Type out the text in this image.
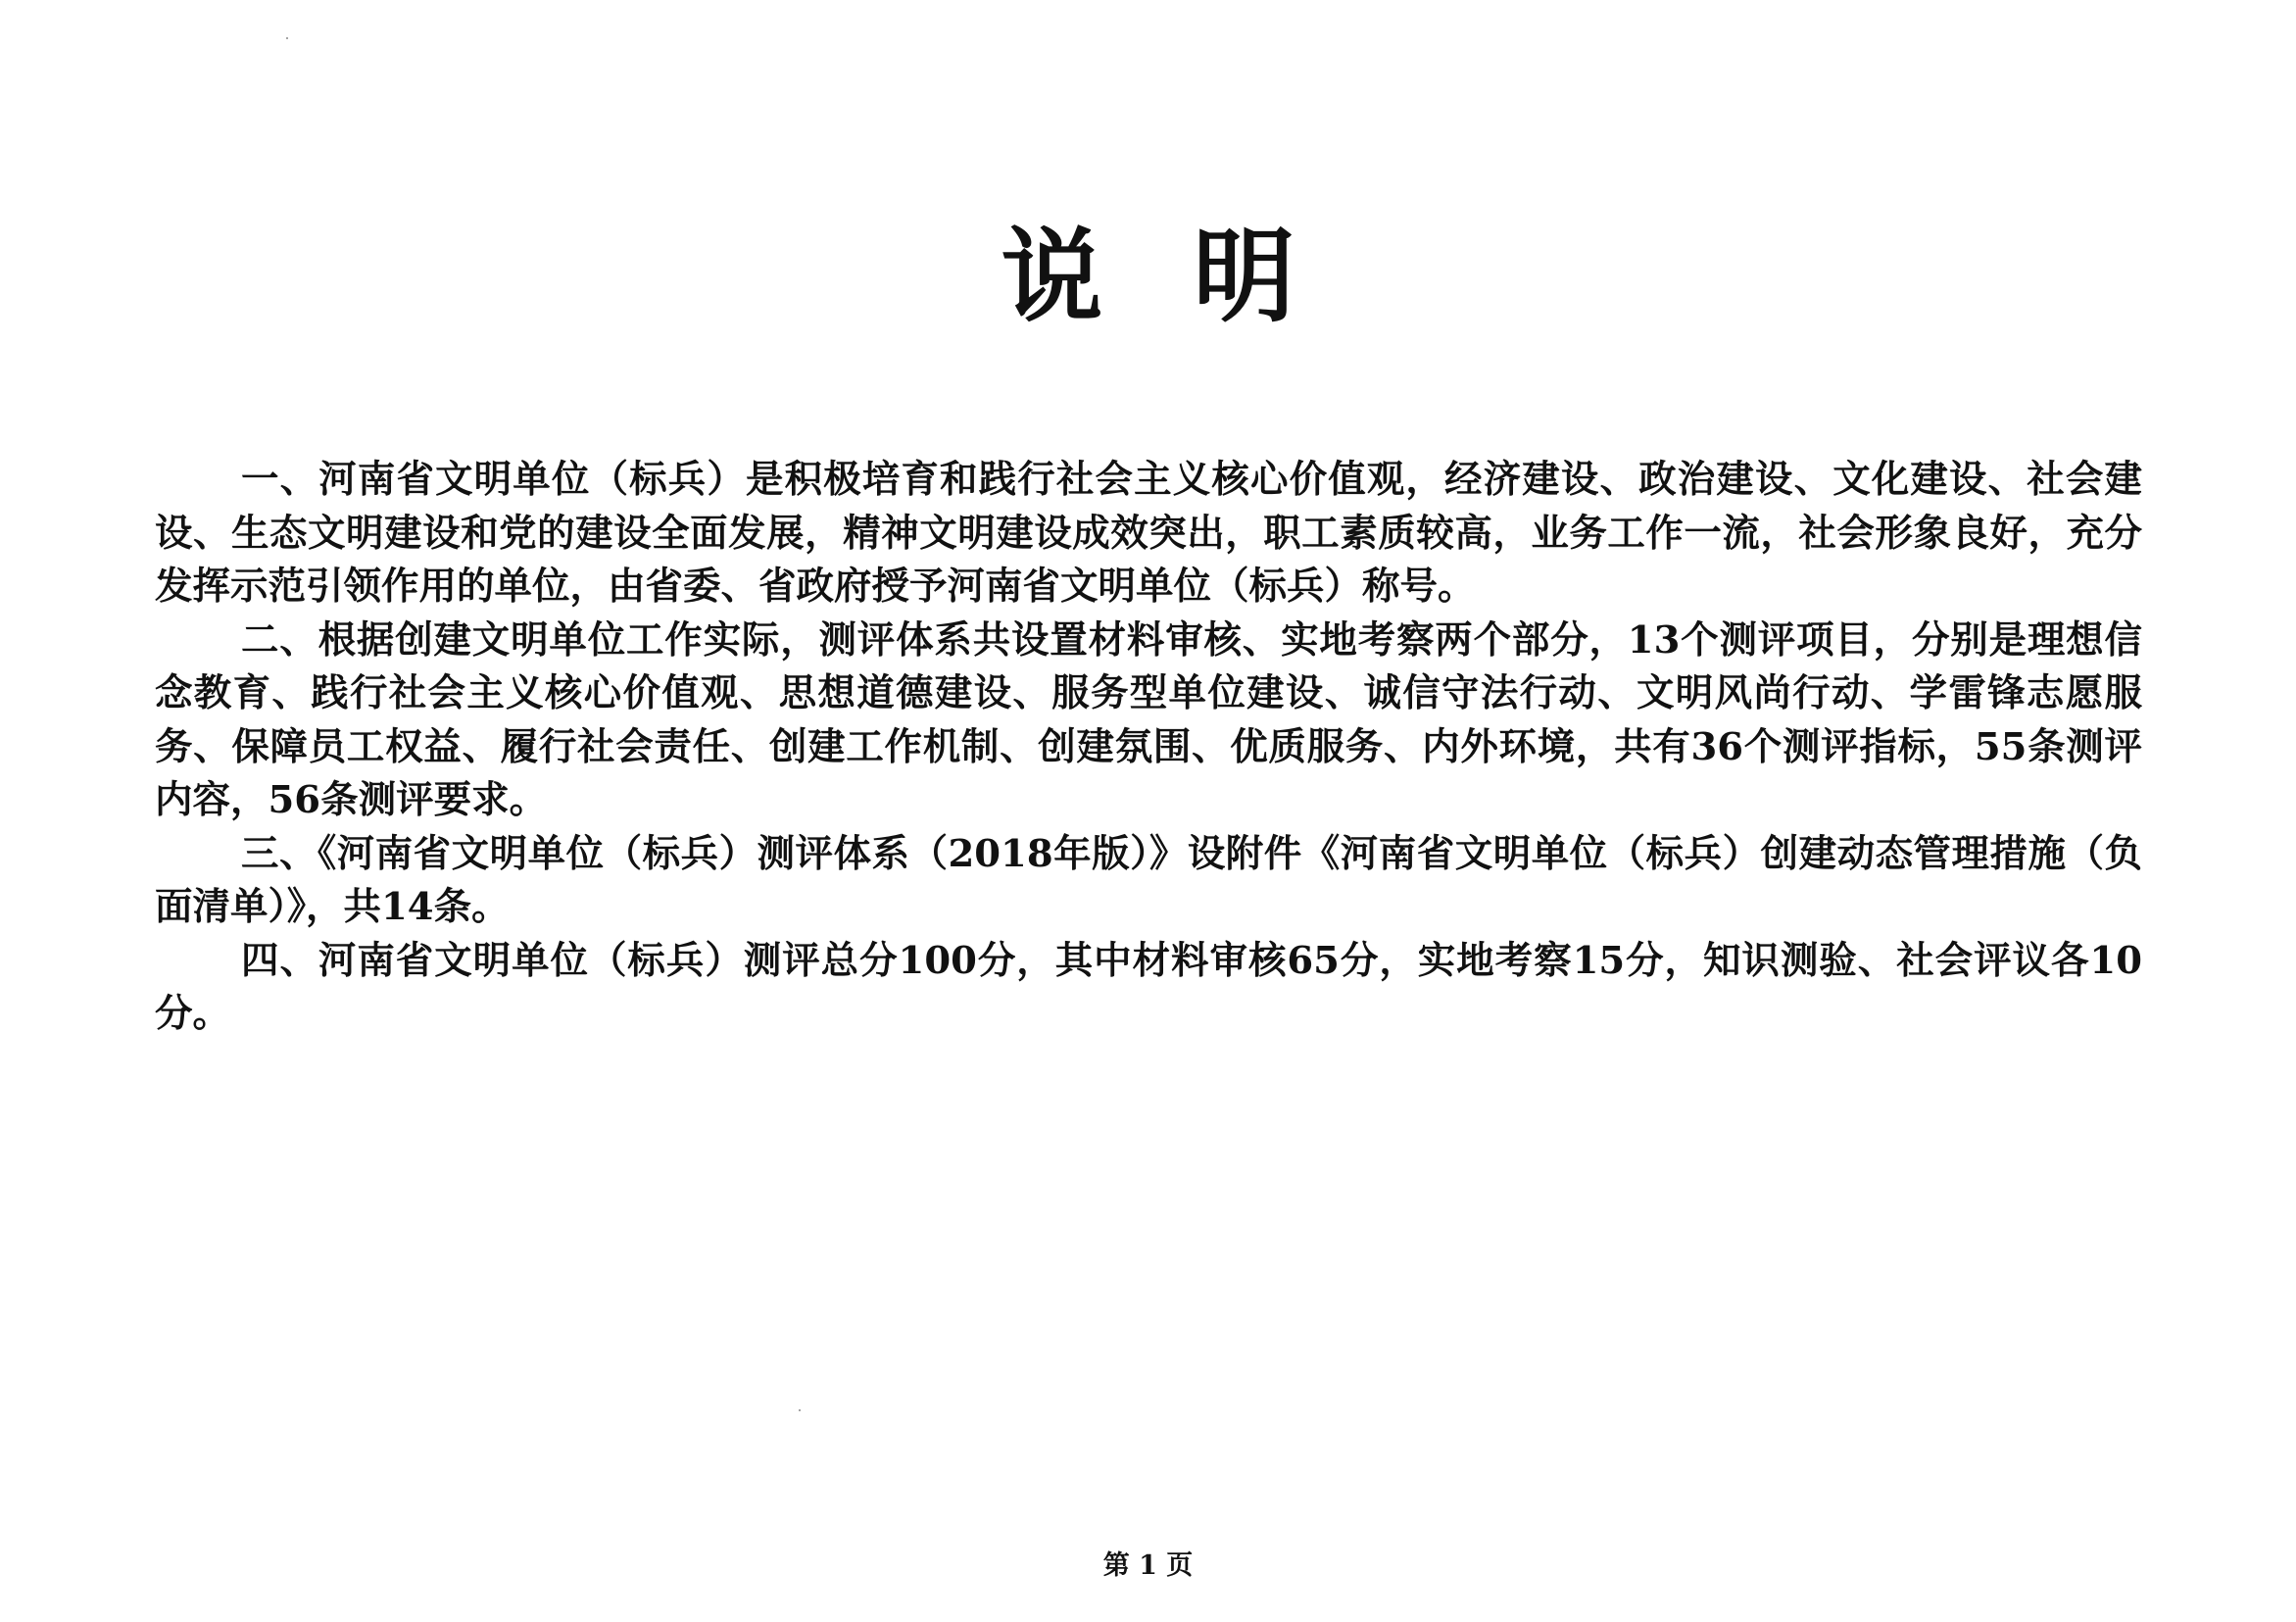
说明

一、河南省文明单位（标兵）是积极培育和践行社会主义核心价值观，经济建设、政治建设、文化建设、社会建设、生态文明建设和党的建设全面发展，精神文明建设成效突出，职工素质较高，业务工作一流，社会形象良好，充分发挥示范引领作用的单位，由省委、省政府授予河南省文明单位（标兵）称号。

二、根据创建文明单位工作实际，测评体系共设置材料审核、实地考察两个部分，13个测评项目，分别是理想信念教育、践行社会主义核心价值观、思想道德建设、服务型单位建设、诚信守法行动、文明风尚行动、学雷锋志愿服务、保障员工权益、履行社会责任、创建工作机制、创建氛围、优质服务、内外环境，共有36个测评指标，55条测评内容，56条测评要求。

三、《河南省文明单位（标兵）测评体系（2018年版）》设附件《河南省文明单位（标兵）创建动态管理措施（负面清单）》，共14条。

四、河南省文明单位（标兵）测评总分100分，其中材料审核65分，实地考察15分，知识测验、社会评议各10分。

第 1 页
